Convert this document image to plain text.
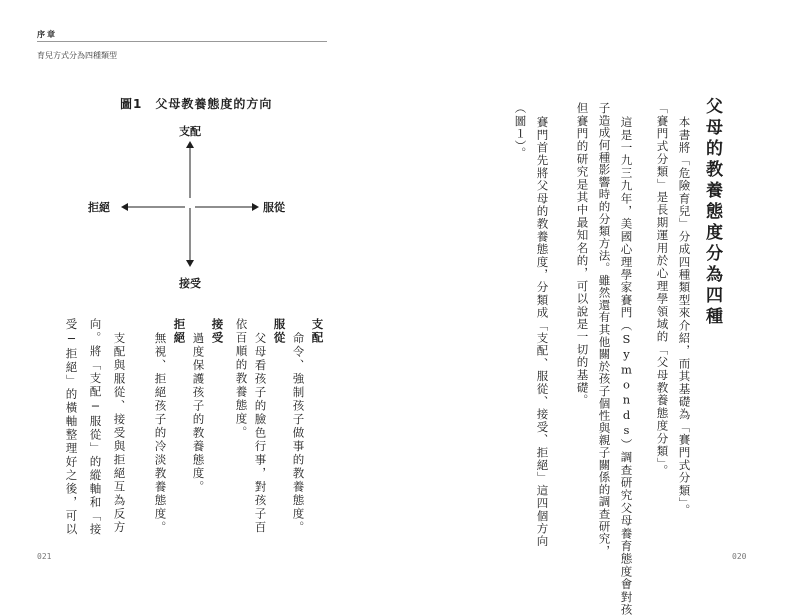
序章
育兒方式分為四種類型
圖1　父母教養態度的方向
支配
接受
拒絕	服從
支配
命令、強制孩子做事的教養態度。
服從
父母看孩子的臉色行事，對孩子百
依百順的教養態度。
接受
過度保護孩子的教養態度。
拒絕
無視、拒絕孩子的冷淡教養態度。
支配與服從、接受與拒絕互為反方
向。將「支配─服從」的縱軸和「接
受─拒絕」的橫軸整理好之後，可以
021
父母的教養態度分為四種
本書將「危險育兒」分成四種類型來介紹，而其基礎為「賽門式分類」。
「賽門式分類」是長期運用於心理學領域的「父母教養態度分類」。
這是一九三九年，美國心理學家賽門（Symonds）調查研究父母養育態度會對孩
子造成何種影響時的分類方法。雖然還有其他關於孩子個性與親子關係的調查研究，
但賽門的研究是其中最知名的，可以說是一切的基礎。
賽門首先將父母的教養態度，分類成「支配、服從、接受、拒絕」這四個方向
（圖１）。
020
